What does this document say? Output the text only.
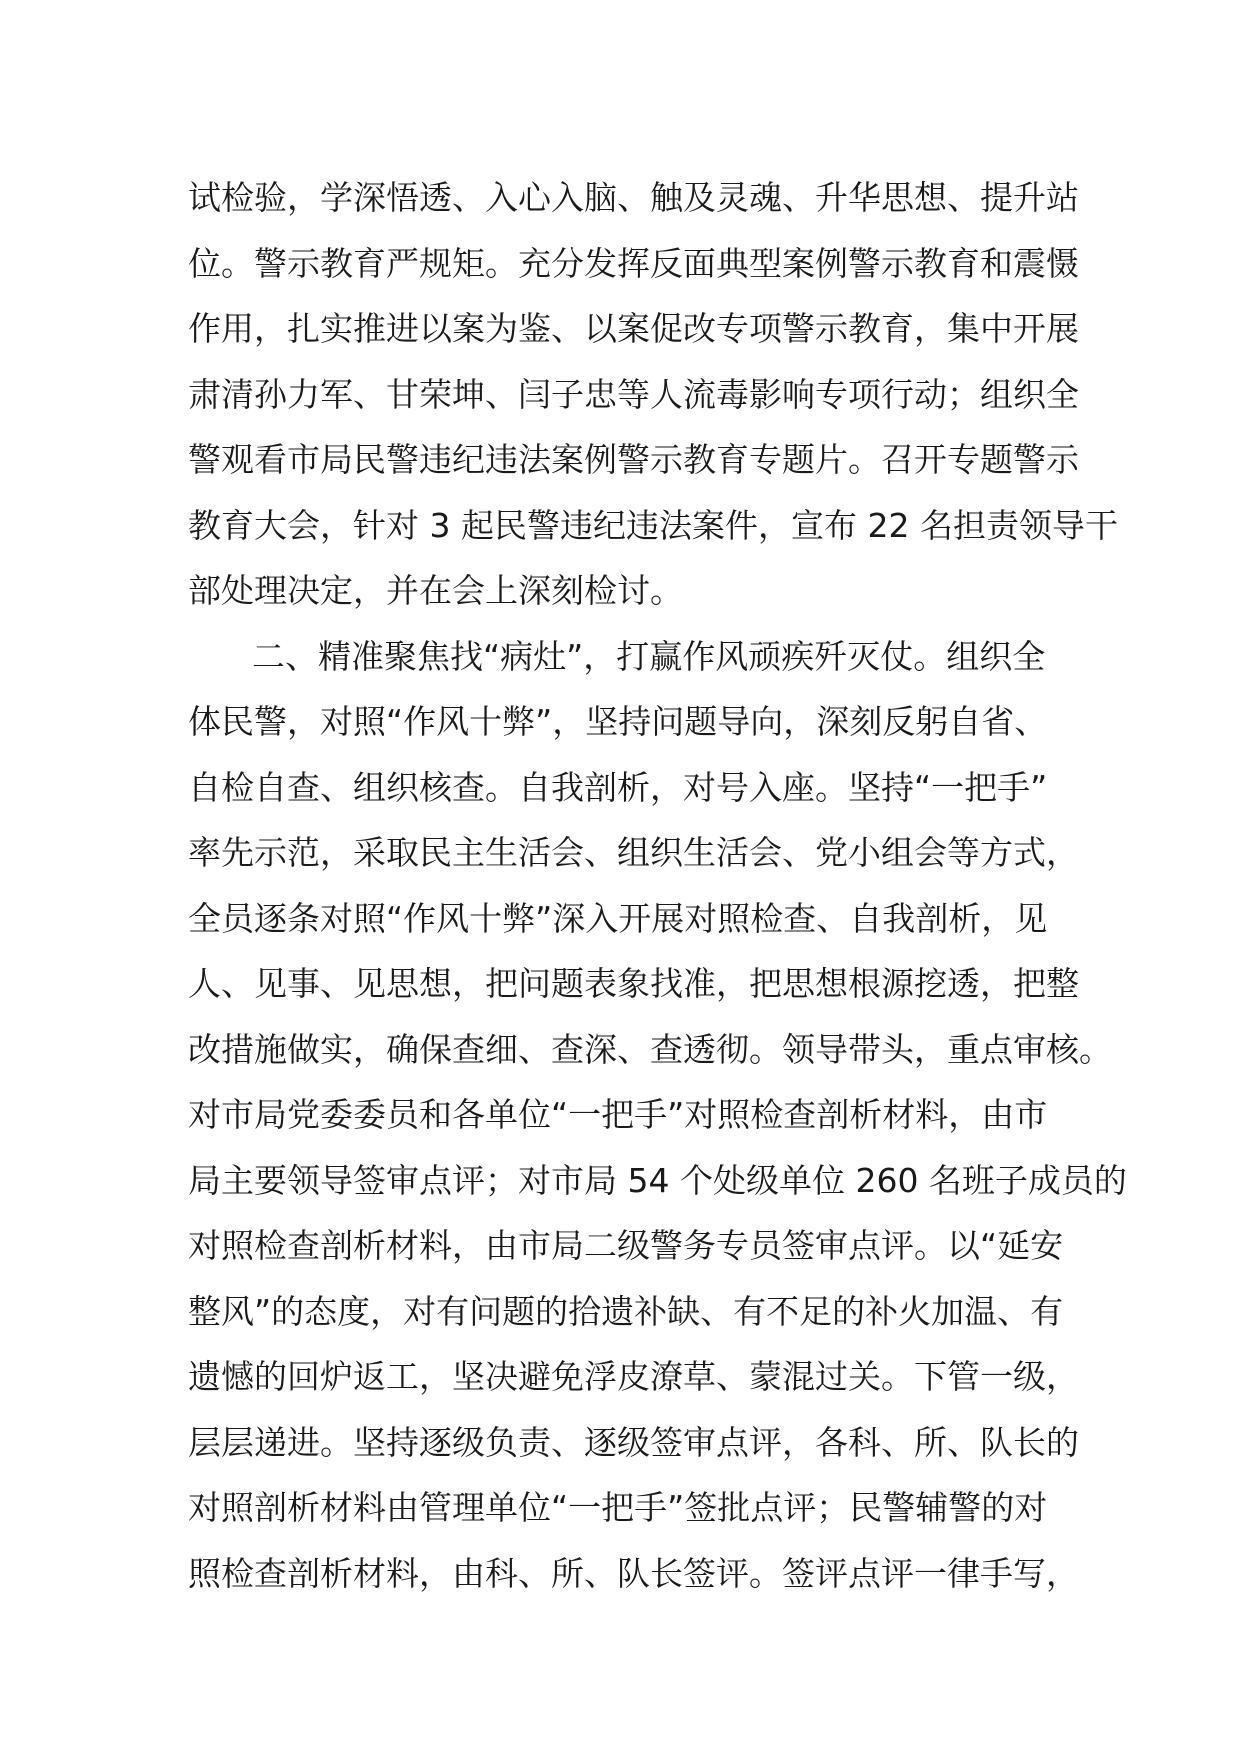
试检验，学深悟透、入心入脑、触及灵魂、升华思想、提升站
位。警示教育严规矩。充分发挥反面典型案例警示教育和震慑
作用，扎实推进以案为鉴、以案促改专项警示教育，集中开展
肃清孙力军、甘荣坤、闫子忠等人流毒影响专项行动；组织全
警观看市局民警违纪违法案例警示教育专题片。召开专题警示
教育大会，针对 3 起民警违纪违法案件，宣布 22 名担责领导干
部处理决定，并在会上深刻检讨。
二、精准聚焦找“病灶”，打赢作风顽疾歼灭仗。组织全
体民警，对照“作风十弊”，坚持问题导向，深刻反躬自省、
自检自查、组织核查。自我剖析，对号入座。坚持“一把手”
率先示范，采取民主生活会、组织生活会、党小组会等方式，
全员逐条对照“作风十弊”深入开展对照检查、自我剖析，见
人、见事、见思想，把问题表象找准，把思想根源挖透，把整
改措施做实，确保查细、查深、查透彻。领导带头，重点审核。
对市局党委委员和各单位“一把手”对照检查剖析材料，由市
局主要领导签审点评；对市局 54 个处级单位 260 名班子成员的
对照检查剖析材料，由市局二级警务专员签审点评。以“延安
整风”的态度，对有问题的拾遗补缺、有不足的补火加温、有
遗憾的回炉返工，坚决避免浮皮潦草、蒙混过关。下管一级，
层层递进。坚持逐级负责、逐级签审点评，各科、所、队长的
对照剖析材料由管理单位“一把手”签批点评；民警辅警的对
照检查剖析材料，由科、所、队长签评。签评点评一律手写，
